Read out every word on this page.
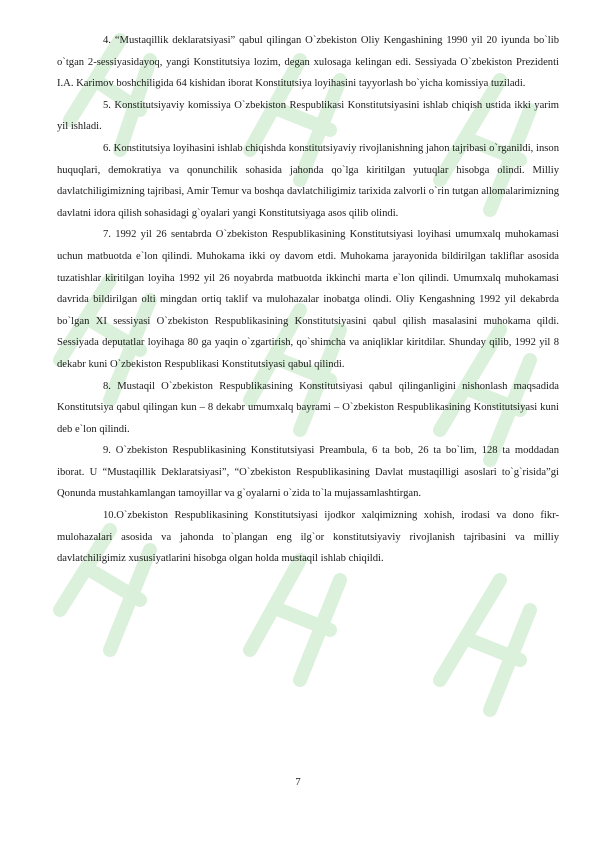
4. “Mustaqillik deklaratsiyasi” qabul qilingan O`zbekiston Oliy Kengashining 1990 yil 20 iyunda bo`lib o`tgan 2-sessiyasidayoq, yangi Konstitutsiya lozim, degan xulosaga kelingan edi. Sessiyada O`zbekiston Prezidenti I.A. Karimov boshchiligida 64 kishidan iborat Konstitutsiya loyihasini tayyorlash bo`yicha komissiya tuziladi.

5. Konstitutsiyaviy komissiya O`zbekiston Respublikasi Konstitutsiyasini ishlab chiqish ustida ikki yarim yil ishladi.

6. Konstitutsiya loyihasini ishlab chiqishda konstitutsiyaviy rivojlanishning jahon tajribasi o`rganildi, inson huquqlari, demokratiya va qonunchilik sohasida jahonda qo`lga kiritilgan yutuqlar hisobga olindi. Milliy davlatchiligimizning tajribasi, Amir Temur va boshqa davlatchiligimiz tarixida zalvorli o`rin tutgan allomalarimizning davlatni idora qilish sohasidagi g`oyalari yangi Konstitutsiyaga asos qilib olindi.

7. 1992 yil 26 sentabrda O`zbekiston Respublikasining Konstitutsiyasi loyihasi umumxalq muhokamasi uchun matbuotda e`lon qilindi. Muhokama ikki oy davom etdi. Muhokama jarayonida bildirilgan takliflar asosida tuzatishlar kiritilgan loyiha 1992 yil 26 noyabrda matbuotda ikkinchi marta e`lon qilindi. Umumxalq muhokamasi davrida bildirilgan olti mingdan ortiq taklif va mulohazalar inobatga olindi. Oliy Kengashning 1992 yil dekabrda bo`lgan XI sessiyasi O`zbekiston Respublikasining Konstitutsiyasini qabul qilish masalasini muhokama qildi. Sessiyada deputatlar loyihaga 80 ga yaqin o`zgartirish, qo`shimcha va aniqliklar kiritdilar. Shunday qilib, 1992 yil 8 dekabr kuni O`zbekiston Respublikasi Konstitutsiyasi qabul qilindi.

8. Mustaqil O`zbekiston Respublikasining Konstitutsiyasi qabul qilinganligini nishonlash maqsadida Konstitutsiya qabul qilingan kun – 8 dekabr umumxalq bayrami – O`zbekiston Respublikasining Konstitutsiyasi kuni deb e`lon qilindi.

9. O`zbekiston Respublikasining Konstitutsiyasi Preambula, 6 ta bob, 26 ta bo`lim, 128 ta moddadan iborat. U “Mustaqillik Deklaratsiyasi”, “O`zbekiston Respublikasining Davlat mustaqilligi asoslari to`g`risida”gi Qonunda mustahkamlangan tamoyillar va g`oyalarni o`zida to`la mujassamlashtirgan.

10.O`zbekiston Respublikasining Konstitutsiyasi ijodkor xalqimizning xohish, irodasi va dono fikr-mulohazalari asosida va jahonda to`plangan eng ilg`or konstitutsiyaviy rivojlanish tajribasini va milliy davlatchiligimiz xususiyatlarini hisobga olgan holda mustaqil ishlab chiqildi.

7
